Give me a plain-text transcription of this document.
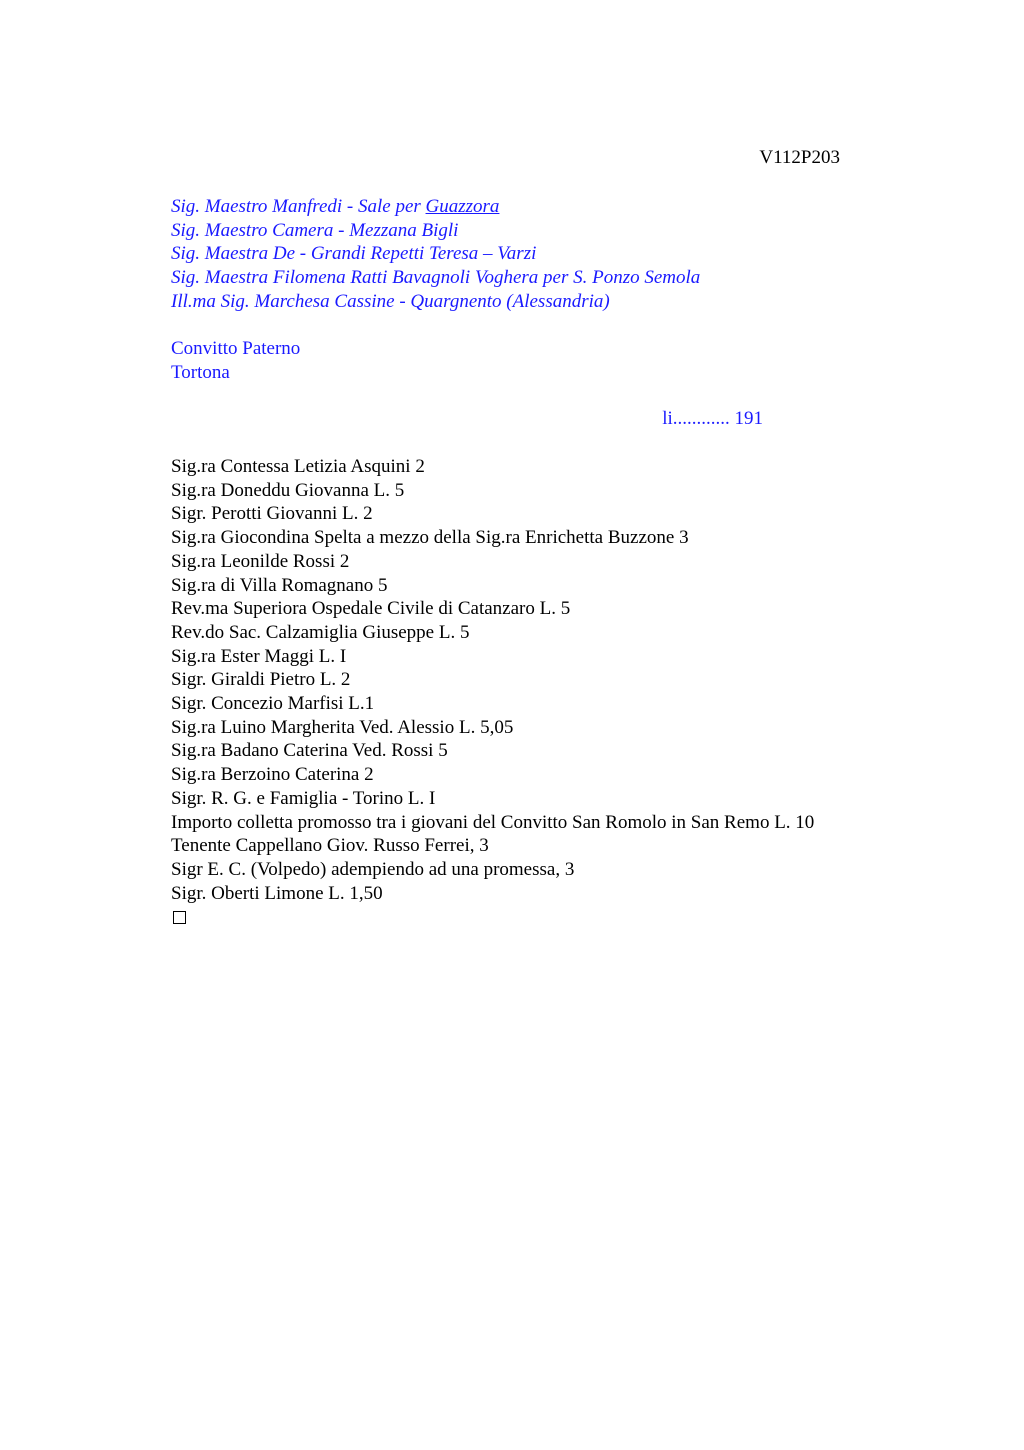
V112P203
Sig. Maestro Manfredi - Sale per Guazzora
Sig. Maestro Camera - Mezzana Bigli
Sig. Maestra De - Grandi Repetti Teresa – Varzi
Sig. Maestra Filomena Ratti Bavagnoli Voghera per S. Ponzo Semola
Ill.ma Sig. Marchesa Cassine - Quargnento (Alessandria)
Convitto Paterno
Tortona
li............ 191
Sig.ra Contessa Letizia Asquini 2
Sig.ra Doneddu Giovanna L. 5
Sigr. Perotti Giovanni L. 2
Sig.ra Giocondina Spelta a mezzo della Sig.ra Enrichetta Buzzone 3
Sig.ra Leonilde Rossi 2
Sig.ra di Villa Romagnano 5
Rev.ma Superiora Ospedale Civile di Catanzaro L. 5
Rev.do Sac. Calzamiglia Giuseppe L. 5
Sig.ra Ester Maggi L. I
Sigr. Giraldi Pietro L. 2
Sigr. Concezio Marfisi L.1
Sig.ra Luino Margherita Ved. Alessio L. 5,05
Sig.ra Badano Caterina Ved. Rossi 5
Sig.ra Berzoino Caterina 2
Sigr. R. G. e Famiglia - Torino L. I
Importo colletta promosso tra i giovani del Convitto San Romolo in San Remo L. 10
Tenente Cappellano Giov. Russo Ferrei, 3
Sigr E. C. (Volpedo) adempiendo ad una promessa, 3
Sigr. Oberti Limone L. 1,50
